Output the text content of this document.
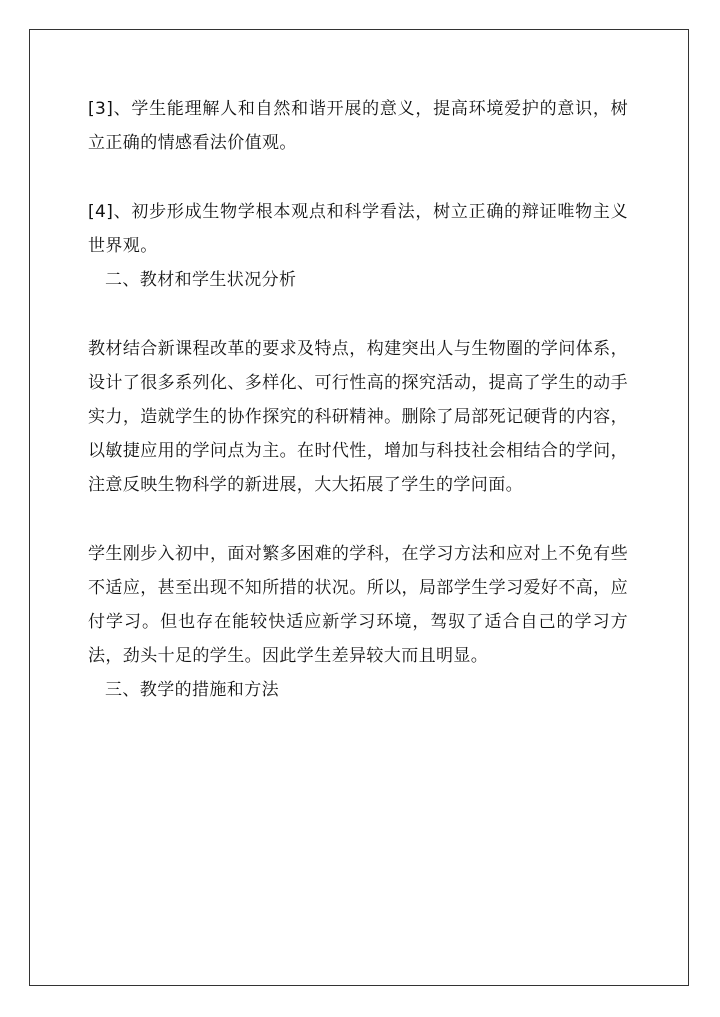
[3]、学生能理解人和自然和谐开展的意义，提高环境爱护的意识，树立正确的情感看法价值观。

[4]、初步形成生物学根本观点和科学看法，树立正确的辩证唯物主义世界观。

二、教材和学生状况分析

教材结合新课程改革的要求及特点，构建突出人与生物圈的学问体系，设计了很多系列化、多样化、可行性高的探究活动，提高了学生的动手实力，造就学生的协作探究的科研精神。删除了局部死记硬背的内容，以敏捷应用的学问点为主。在时代性，增加与科技社会相结合的学问，注意反映生物科学的新进展，大大拓展了学生的学问面。

学生刚步入初中，面对繁多困难的学科，在学习方法和应对上不免有些不适应，甚至出现不知所措的状况。所以，局部学生学习爱好不高，应付学习。但也存在能较快适应新学习环境，驾驭了适合自己的学习方法，劲头十足的学生。因此学生差异较大而且明显。

三、教学的措施和方法
